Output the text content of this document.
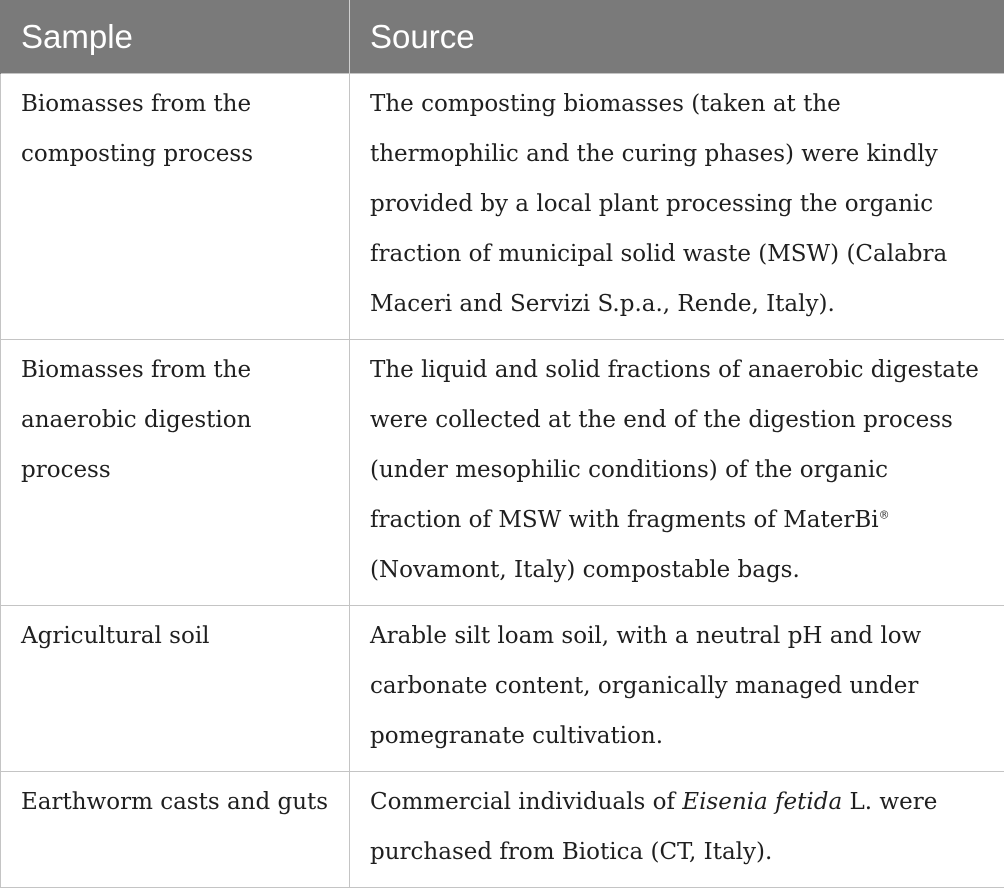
Sample	Source
Biomasses from the composting process	The composting biomasses (taken at the thermophilic and the curing phases) were kindly provided by a local plant processing the organic fraction of municipal solid waste (MSW) (Calabra Maceri and Servizi S.p.a., Rende, Italy).
Biomasses from the anaerobic digestion process	The liquid and solid fractions of anaerobic digestate were collected at the end of the digestion process (under mesophilic conditions) of the organic fraction of MSW with fragments of MaterBi® (Novamont, Italy) compostable bags.
Agricultural soil	Arable silt loam soil, with a neutral pH and low carbonate content, organically managed under pomegranate cultivation.
Earthworm casts and guts	Commercial individuals of Eisenia fetida L. were purchased from Biotica (CT, Italy).
